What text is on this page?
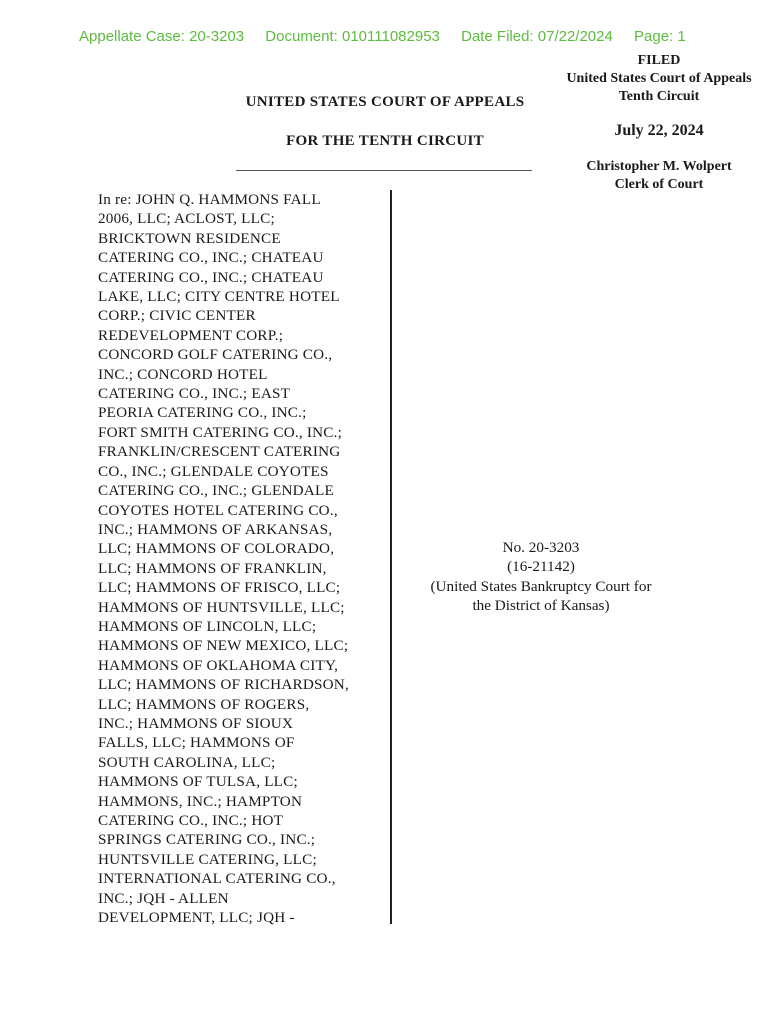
Appellate Case: 20-3203 Document: 010111082953 Date Filed: 07/22/2024 Page: 1
FILED
United States Court of Appeals
Tenth Circuit
July 22, 2024
Christopher M. Wolpert
Clerk of Court
UNITED STATES COURT OF APPEALS
FOR THE TENTH CIRCUIT
In re: JOHN Q. HAMMONS FALL
2006, LLC; ACLOST, LLC;
BRICKTOWN RESIDENCE
CATERING CO., INC.; CHATEAU
CATERING CO., INC.; CHATEAU
LAKE, LLC; CITY CENTRE HOTEL
CORP.; CIVIC CENTER
REDEVELOPMENT CORP.;
CONCORD GOLF CATERING CO.,
INC.; CONCORD HOTEL
CATERING CO., INC.; EAST
PEORIA CATERING CO., INC.;
FORT SMITH CATERING CO., INC.;
FRANKLIN/CRESCENT CATERING
CO., INC.; GLENDALE COYOTES
CATERING CO., INC.; GLENDALE
COYOTES HOTEL CATERING CO.,
INC.; HAMMONS OF ARKANSAS,
LLC; HAMMONS OF COLORADO,
LLC; HAMMONS OF FRANKLIN,
LLC; HAMMONS OF FRISCO, LLC;
HAMMONS OF HUNTSVILLE, LLC;
HAMMONS OF LINCOLN, LLC;
HAMMONS OF NEW MEXICO, LLC;
HAMMONS OF OKLAHOMA CITY,
LLC; HAMMONS OF RICHARDSON,
LLC; HAMMONS OF ROGERS,
INC.; HAMMONS OF SIOUX
FALLS, LLC; HAMMONS OF
SOUTH CAROLINA, LLC;
HAMMONS OF TULSA, LLC;
HAMMONS, INC.; HAMPTON
CATERING CO., INC.; HOT
SPRINGS CATERING CO., INC.;
HUNTSVILLE CATERING, LLC;
INTERNATIONAL CATERING CO.,
INC.; JQH - ALLEN
DEVELOPMENT, LLC; JQH -
No. 20-3203
(16-21142)
(United States Bankruptcy Court for
the District of Kansas)
